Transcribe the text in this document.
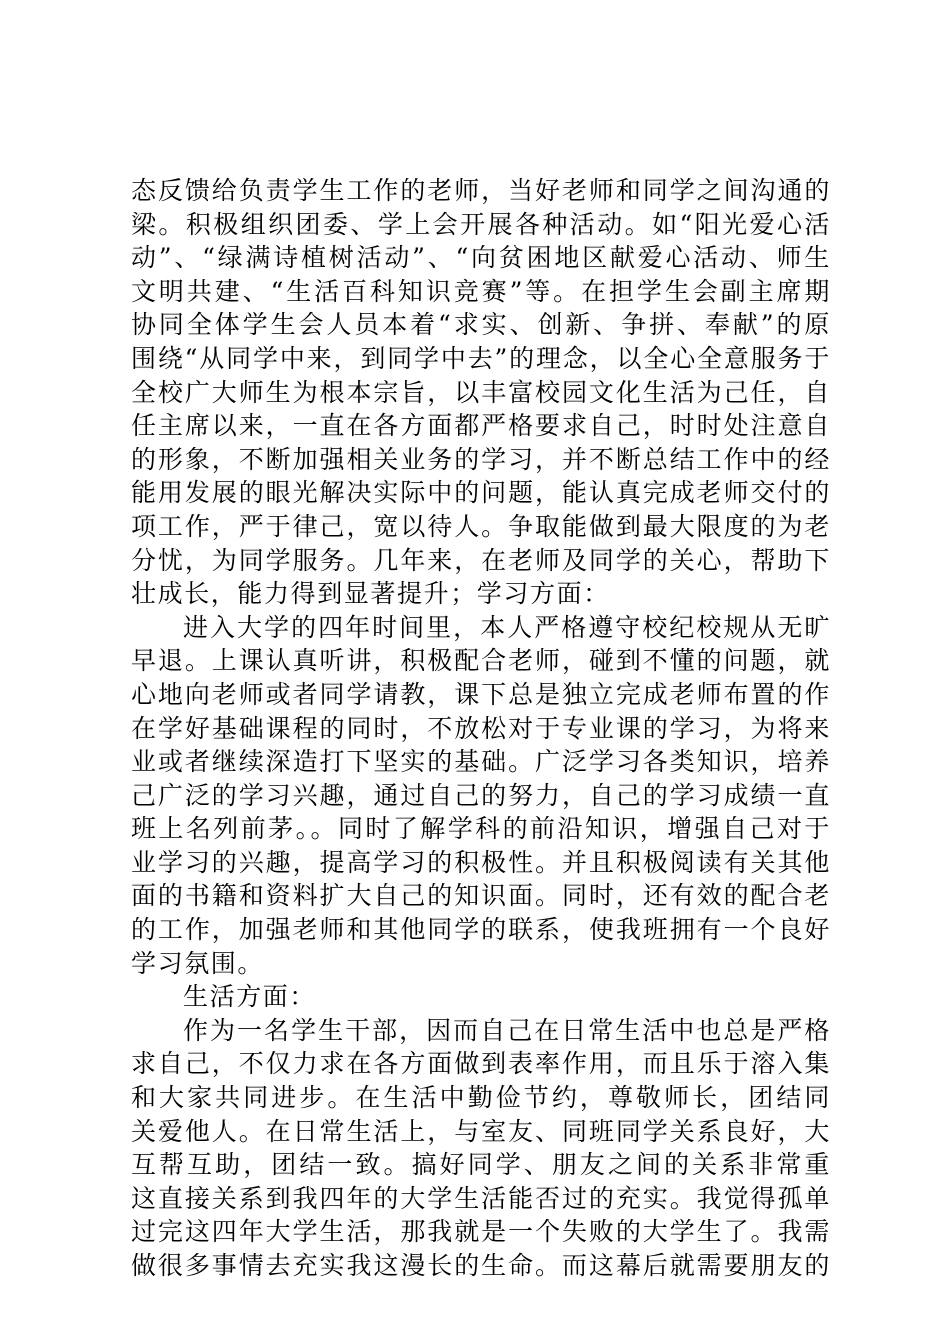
态反馈给负责学生工作的老师，当好老师和同学之间沟通的
梁。积极组织团委、学上会开展各种活动。如“阳光爱心活
动”、“绿满诗植树活动”、“向贫困地区献爱心活动、师生
文明共建、“生活百科知识竞赛”等。在担学生会副主席期
协同全体学生会人员本着“求实、创新、争拼、奉献”的原
围绕“从同学中来，到同学中去”的理念，以全心全意服务于
全校广大师生为根本宗旨，以丰富校园文化生活为己任，自
任主席以来，一直在各方面都严格要求自己，时时处注意自
的形象，不断加强相关业务的学习，并不断总结工作中的经
能用发展的眼光解决实际中的问题，能认真完成老师交付的
项工作，严于律己，宽以待人。争取能做到最大限度的为老
分忧，为同学服务。几年来，在老师及同学的关心，帮助下
壮成长，能力得到显著提升；学习方面：
进入大学的四年时间里，本人严格遵守校纪校规从无旷
早退。上课认真听讲，积极配合老师，碰到不懂的问题，就
心地向老师或者同学请教，课下总是独立完成老师布置的作
在学好基础课程的同时，不放松对于专业课的学习，为将来
业或者继续深造打下坚实的基础。广泛学习各类知识，培养
己广泛的学习兴趣，通过自己的努力，自己的学习成绩一直
班上名列前茅。。同时了解学科的前沿知识，增强自己对于
业学习的兴趣，提高学习的积极性。并且积极阅读有关其他
面的书籍和资料扩大自己的知识面。同时，还有效的配合老
的工作，加强老师和其他同学的联系，使我班拥有一个良好
学习氛围。
生活方面：
作为一名学生干部，因而自己在日常生活中也总是严格
求自己，不仅力求在各方面做到表率作用，而且乐于溶入集
和大家共同进步。在生活中勤俭节约，尊敬师长，团结同
关爱他人。在日常生活上，与室友、同班同学关系良好，大
互帮互助，团结一致。搞好同学、朋友之间的关系非常重
这直接关系到我四年的大学生活能否过的充实。我觉得孤单
过完这四年大学生活，那我就是一个失败的大学生了。我需
做很多事情去充实我这漫长的生命。而这幕后就需要朋友的
